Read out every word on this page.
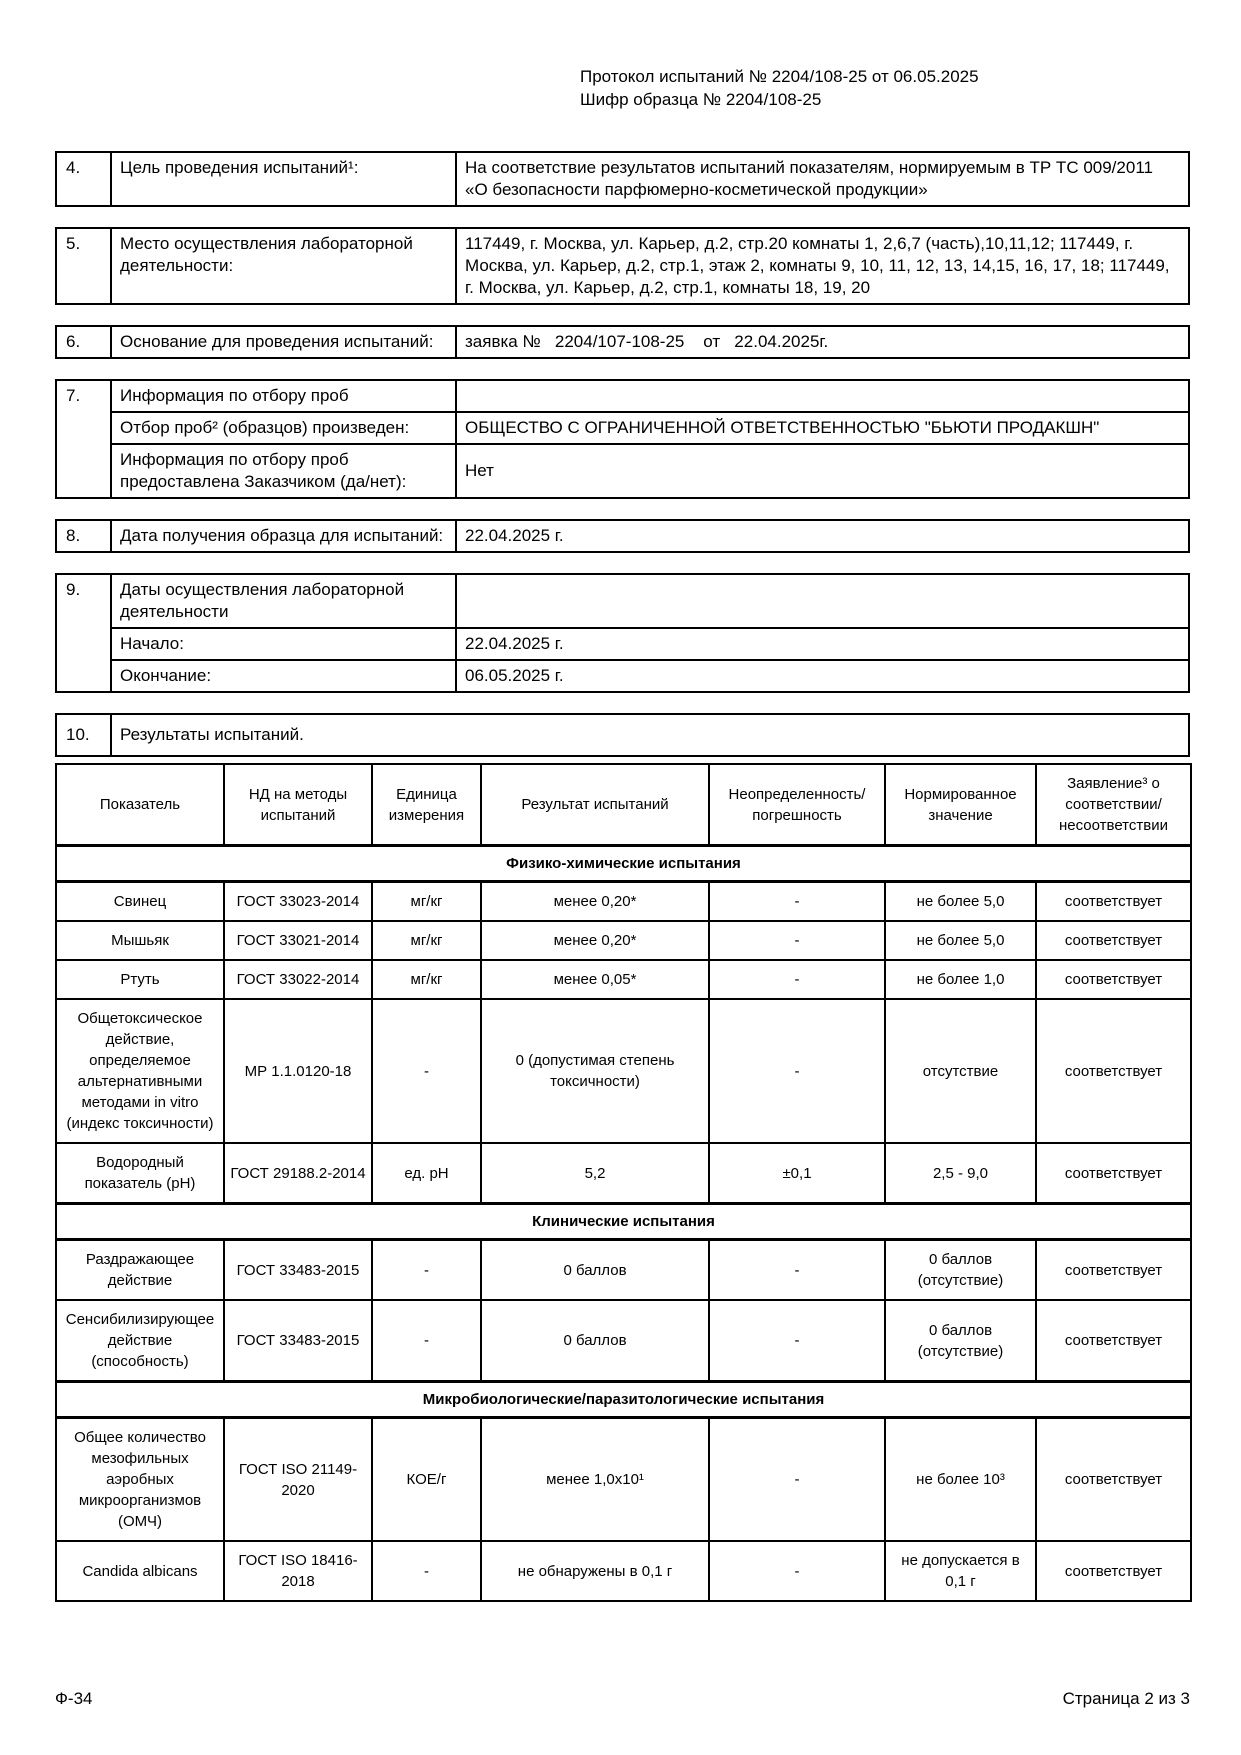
Протокол испытаний № 2204/108-25 от 06.05.2025
Шифр образца № 2204/108-25
4.	Цель проведения испытаний¹:	На соответствие результатов испытаний показателям, нормируемым в ТР ТС 009/2011 «О безопасности парфюмерно-косметической продукции»
5.	Место осуществления лабораторной деятельности:	117449, г. Москва, ул. Карьер, д.2, стр.20 комнаты 1, 2,6,7 (часть),10,11,12; 117449, г. Москва, ул. Карьер, д.2, стр.1, этаж 2, комнаты 9, 10, 11, 12, 13, 14,15, 16, 17, 18; 117449, г. Москва, ул. Карьер, д.2, стр.1, комнаты 18, 19, 20
6.	Основание для проведения испытаний:	заявка №   2204/107-108-25    от   22.04.2025г.
7.	Информация по отбору проб	
	Отбор проб² (образцов) произведен:	ОБЩЕСТВО С ОГРАНИЧЕННОЙ ОТВЕТСТВЕННОСТЬЮ "БЬЮТИ ПРОДАКШН"
	Информация по отбору проб предоставлена Заказчиком (да/нет):	Нет
8.	Дата получения образца для испытаний:	22.04.2025 г.
9.	Даты осуществления лабораторной деятельности	
	Начало:	22.04.2025 г.
	Окончание:	06.05.2025 г.
10.	Результаты испытаний.
Показатель	НД на методы испытаний	Единица измерения	Результат испытаний	Неопределенность/ погрешность	Нормированное значение	Заявление³ о соответствии/ несоответствии
Физико-химические испытания						
Свинец	ГОСТ 33023-2014	мг/кг	менее 0,20*	-	не более 5,0	соответствует
Мышьяк	ГОСТ 33021-2014	мг/кг	менее 0,20*	-	не более 5,0	соответствует
Ртуть	ГОСТ 33022-2014	мг/кг	менее 0,05*	-	не более 1,0	соответствует
Общетоксическое действие, определяемое альтернативными методами in vitro (индекс токсичности)	МР 1.1.0120-18	-	0 (допустимая степень токсичности)	-	отсутствие	соответствует
Водородный показатель (pH)	ГОСТ 29188.2-2014	ед. pH	5,2	±0,1	2,5 - 9,0	соответствует
Клинические испытания						
Раздражающее действие	ГОСТ 33483-2015	-	0 баллов	-	0 баллов (отсутствие)	соответствует
Сенсибилизирующее действие (способность)	ГОСТ 33483-2015	-	0 баллов	-	0 баллов (отсутствие)	соответствует
Микробиологические/паразитологические испытания						
Общее количество мезофильных аэробных микроорганизмов (ОМЧ)	ГОСТ ISO 21149-2020	КОЕ/г	менее 1,0х10¹	-	не более 10³	соответствует
Candida albicans	ГОСТ ISO 18416-2018	-	не обнаружены в 0,1 г	-	не допускается в 0,1 г	соответствует
Ф-34	Страница 2 из 3
